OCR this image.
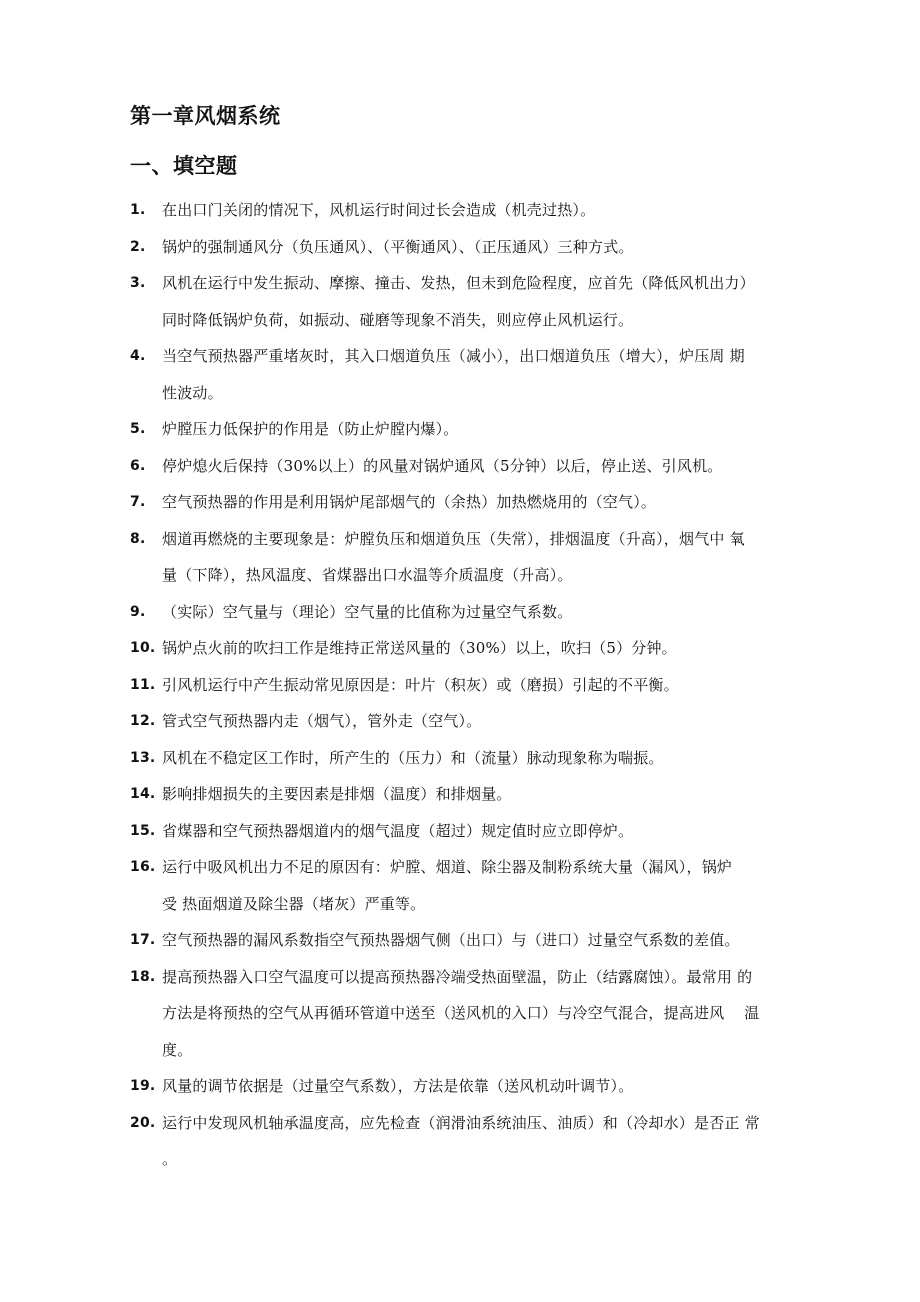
第一章风烟系统
一、填空题
1. 在出口门关闭的情况下，风机运行时间过长会造成（机壳过热）。
2. 锅炉的强制通风分（负压通风）、（平衡通风）、（正压通风）三种方式。
3. 风机在运行中发生振动、摩擦、撞击、发热，但未到危险程度，应首先（降低风机出力）
同时降低锅炉负荷，如振动、碰磨等现象不消失，则应停止风机运行。
4. 当空气预热器严重堵灰时，其入口烟道负压（减小），出口烟道负压（增大），炉压周 期
性波动。
5. 炉膛压力低保护的作用是（防止炉膛内爆）。
6. 停炉熄火后保持（30%以上）的风量对锅炉通风（5分钟）以后，停止送、引风机。
7. 空气预热器的作用是利用锅炉尾部烟气的（余热）加热燃烧用的（空气）。
8. 烟道再燃烧的主要现象是：炉膛负压和烟道负压（失常），排烟温度（升高），烟气中 氧
量（下降），热风温度、省煤器出口水温等介质温度（升高）。
9. （实际）空气量与（理论）空气量的比值称为过量空气系数。
10. 锅炉点火前的吹扫工作是维持正常送风量的（30%）以上，吹扫（5）分钟。
11. 引风机运行中产生振动常见原因是：叶片（积灰）或（磨损）引起的不平衡。
12. 管式空气预热器内走（烟气），管外走（空气）。
13. 风机在不稳定区工作时，所产生的（压力）和（流量）脉动现象称为喘振。
14. 影响排烟损失的主要因素是排烟（温度）和排烟量。
15. 省煤器和空气预热器烟道内的烟气温度（超过）规定值时应立即停炉。
16. 运行中吸风机出力不足的原因有：炉膛、烟道、除尘器及制粉系统大量（漏风），锅炉
受 热面烟道及除尘器（堵灰）严重等。
17. 空气预热器的漏风系数指空气预热器烟气侧（出口）与（进口）过量空气系数的差值。
18. 提高预热器入口空气温度可以提高预热器冷端受热面壁温，防止（结露腐蚀）。最常用 的
方法是将预热的空气从再循环管道中送至（送风机的入口）与冷空气混合，提高进风    温
度。
19. 风量的调节依据是（过量空气系数），方法是依靠（送风机动叶调节）。
20. 运行中发现风机轴承温度高，应先检查（润滑油系统油压、油质）和（冷却水）是否正 常
。
